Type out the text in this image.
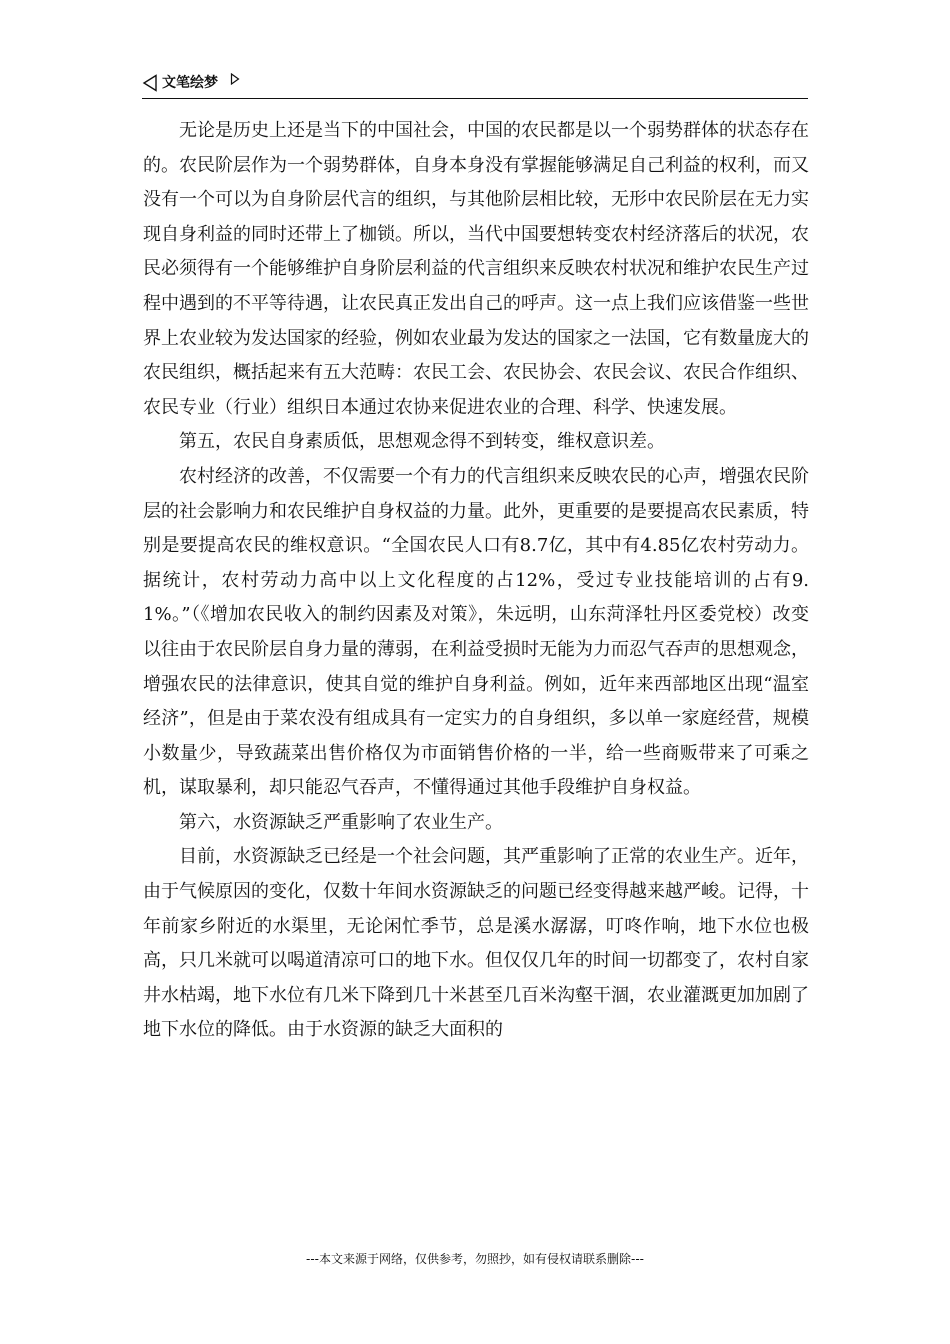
文笔绘梦

无论是历史上还是当下的中国社会，中国的农民都是以一个弱势群体的状态存在的。农民阶层作为一个弱势群体，自身本身没有掌握能够满足自己利益的权利，而又没有一个可以为自身阶层代言的组织，与其他阶层相比较，无形中农民阶层在无力实现自身利益的同时还带上了枷锁。所以，当代中国要想转变农村经济落后的状况，农民必须得有一个能够维护自身阶层利益的代言组织来反映农村状况和维护农民生产过程中遇到的不平等待遇，让农民真正发出自己的呼声。这一点上我们应该借鉴一些世界上农业较为发达国家的经验，例如农业最为发达的国家之一法国，它有数量庞大的农民组织，概括起来有五大范畴：农民工会、农民协会、农民会议、农民合作组织、农民专业（行业）组织日本通过农协来促进农业的合理、科学、快速发展。

第五，农民自身素质低，思想观念得不到转变，维权意识差。

农村经济的改善，不仅需要一个有力的代言组织来反映农民的心声，增强农民阶层的社会影响力和农民维护自身权益的力量。此外，更重要的是要提高农民素质，特别是要提高农民的维权意识。“全国农民人口有8.7亿，其中有4.85亿农村劳动力。据统计，农村劳动力高中以上文化程度的占12%，受过专业技能培训的占有9.1%。”（《增加农民收入的制约因素及对策》，朱远明，山东菏泽牡丹区委党校）改变以往由于农民阶层自身力量的薄弱，在利益受损时无能为力而忍气吞声的思想观念，增强农民的法律意识，使其自觉的维护自身利益。例如，近年来西部地区出现“温室经济”，但是由于菜农没有组成具有一定实力的自身组织，多以单一家庭经营，规模小数量少，导致蔬菜出售价格仅为市面销售价格的一半，给一些商贩带来了可乘之机，谋取暴利，却只能忍气吞声，不懂得通过其他手段维护自身权益。

第六，水资源缺乏严重影响了农业生产。

目前，水资源缺乏已经是一个社会问题，其严重影响了正常的农业生产。近年，由于气候原因的变化，仅数十年间水资源缺乏的问题已经变得越来越严峻。记得，十年前家乡附近的水渠里，无论闲忙季节，总是溪水潺潺，叮咚作响，地下水位也极高，只几米就可以喝道清凉可口的地下水。但仅仅几年的时间一切都变了，农村自家井水枯竭，地下水位有几米下降到几十米甚至几百米沟壑干涸，农业灌溉更加加剧了地下水位的降低。由于水资源的缺乏大面积的

---本文来源于网络，仅供参考，勿照抄，如有侵权请联系删除---
